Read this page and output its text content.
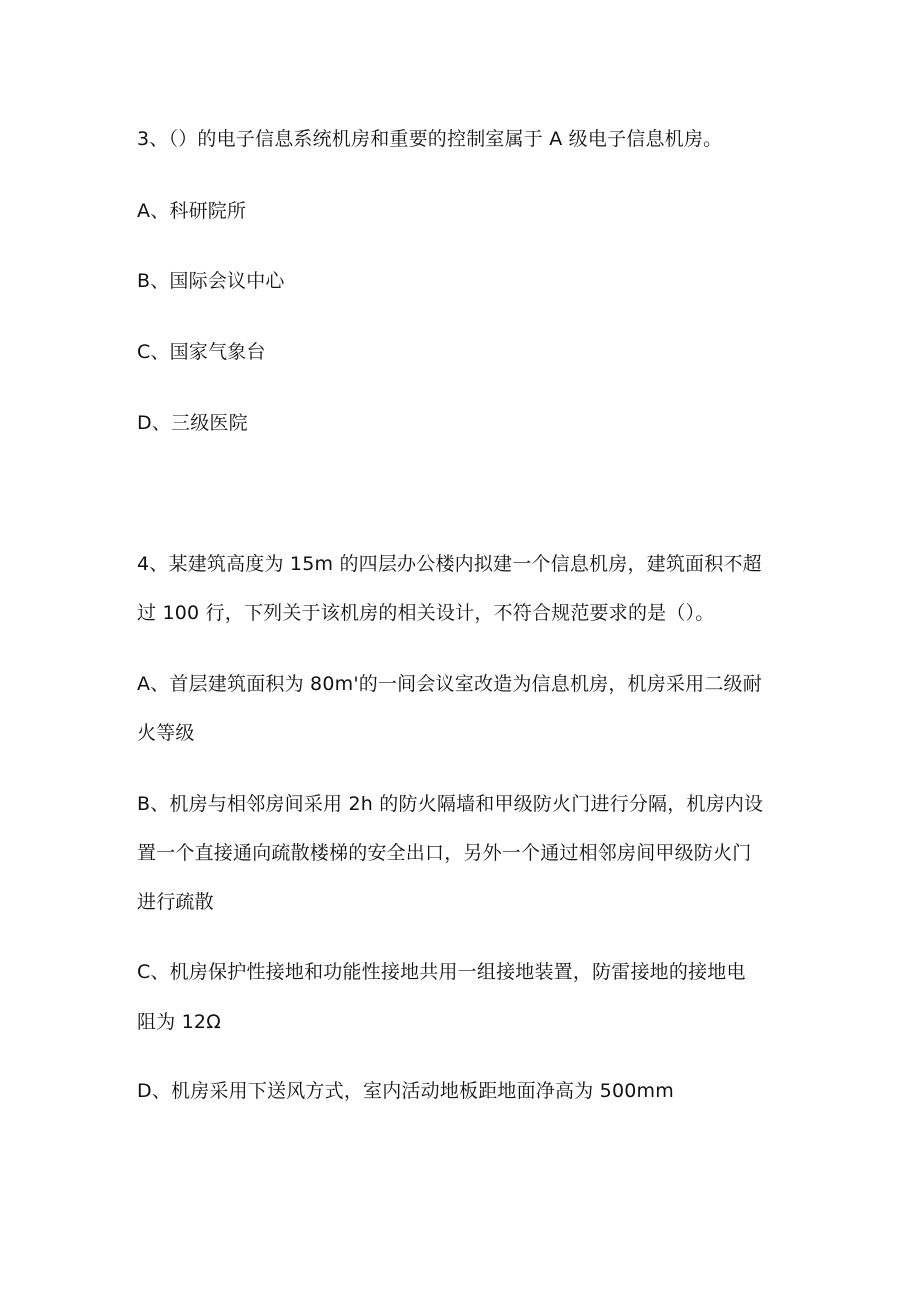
3、（）的电子信息系统机房和重要的控制室属于 A 级电子信息机房。
A、科研院所
B、国际会议中心
C、国家气象台
D、三级医院
4、某建筑高度为 15m 的四层办公楼内拟建一个信息机房，建筑面积不超
过 100 行，下列关于该机房的相关设计，不符合规范要求的是（）。
A、首层建筑面积为 80m'的一间会议室改造为信息机房，机房采用二级耐
火等级
B、机房与相邻房间采用 2h 的防火隔墙和甲级防火门进行分隔，机房内设
置一个直接通向疏散楼梯的安全出口，另外一个通过相邻房间甲级防火门
进行疏散
C、机房保护性接地和功能性接地共用一组接地装置，防雷接地的接地电
阻为 12Ω
D、机房采用下送风方式，室内活动地板距地面净高为 500mm
